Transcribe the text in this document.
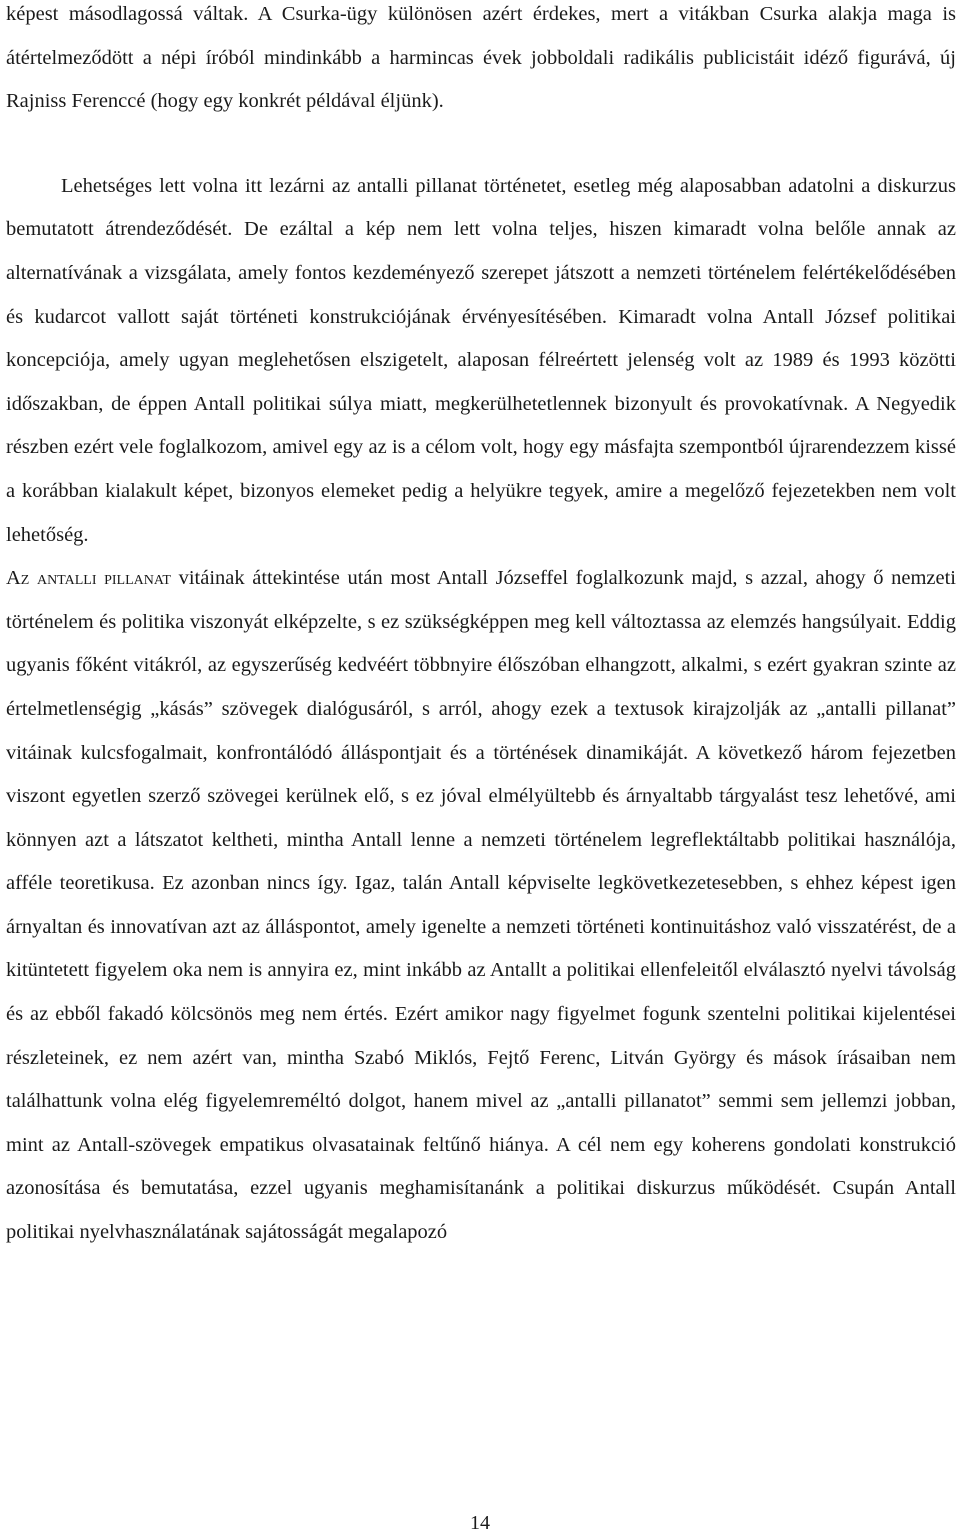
képest másodlagossá váltak. A Csurka-ügy különösen azért érdekes, mert a vitákban Csurka alakja maga is átértelmeződött a népi íróból mindinkább a harmincas évek jobboldali radikális publicistáit idéző figurává, új Rajniss Ferenccé (hogy egy konkrét példával éljünk).

Lehetséges lett volna itt lezárni az antalli pillanat történetet, esetleg még alaposabban adatolni a diskurzus bemutatott átrendeződését. De ezáltal a kép nem lett volna teljes, hiszen kimaradt volna belőle annak az alternatívának a vizsgálata, amely fontos kezdeményező szerepet játszott a nemzeti történelem felértékelődésében és kudarcot vallott saját történeti konstrukciójának érvényesítésében. Kimaradt volna Antall József politikai koncepciója, amely ugyan meglehetősen elszigetelt, alaposan félreértett jelenség volt az 1989 és 1993 közötti időszakban, de éppen Antall politikai súlya miatt, megkerülhetetlennek bizonyult és provokatívnak. A Negyedik részben ezért vele foglalkozom, amivel egy az is a célom volt, hogy egy másfajta szempontból újrarendezzem kissé a korábban kialakult képet, bizonyos elemeket pedig a helyükre tegyek, amire a megelőző fejezetekben nem volt lehetőség.

Az antalli pillanat vitáinak áttekintése után most Antall Józseffel foglalkozunk majd, s azzal, ahogy ő nemzeti történelem és politika viszonyát elképzelte, s ez szükségképpen meg kell változtassa az elemzés hangsúlyait. Eddig ugyanis főként vitákról, az egyszerűség kedvéért többnyire élőszóban elhangzott, alkalmi, s ezért gyakran szinte az értelmetlenségig „kásás” szövegek dialógusáról, s arról, ahogy ezek a textusok kirajzolják az „antalli pillanat” vitáinak kulcsfogalmait, konfrontálódó álláspontjait és a történések dinamikáját. A következő három fejezetben viszont egyetlen szerző szövegei kerülnek elő, s ez jóval elmélyültebb és árnyaltabb tárgyalást tesz lehetővé, ami könnyen azt a látszatot keltheti, mintha Antall lenne a nemzeti történelem legreflektáltabb politikai használója, afféle teoretikusa. Ez azonban nincs így. Igaz, talán Antall képviselte legkövetkezetesebben, s ehhez képest igen árnyaltan és innovatívan azt az álláspontot, amely igenelte a nemzeti történeti kontinuitáshoz való visszatérést, de a kitüntetett figyelem oka nem is annyira ez, mint inkább az Antallt a politikai ellenfeleitől elválasztó nyelvi távolság és az ebből fakadó kölcsönös meg nem értés. Ezért amikor nagy figyelmet fogunk szentelni politikai kijelentései részleteinek, ez nem azért van, mintha Szabó Miklós, Fejtő Ferenc, Litván György és mások írásaiban nem találhattunk volna elég figyelemreméltó dolgot, hanem mivel az „antalli pillanatot” semmi sem jellemzi jobban, mint az Antall-szövegek empatikus olvasatainak feltűnő hiánya. A cél nem egy koherens gondolati konstrukció azonosítása és bemutatása, ezzel ugyanis meghamisítanánk a politikai diskurzus működését. Csupán Antall politikai nyelvhasználatának sajátosságát megalapozó

14
